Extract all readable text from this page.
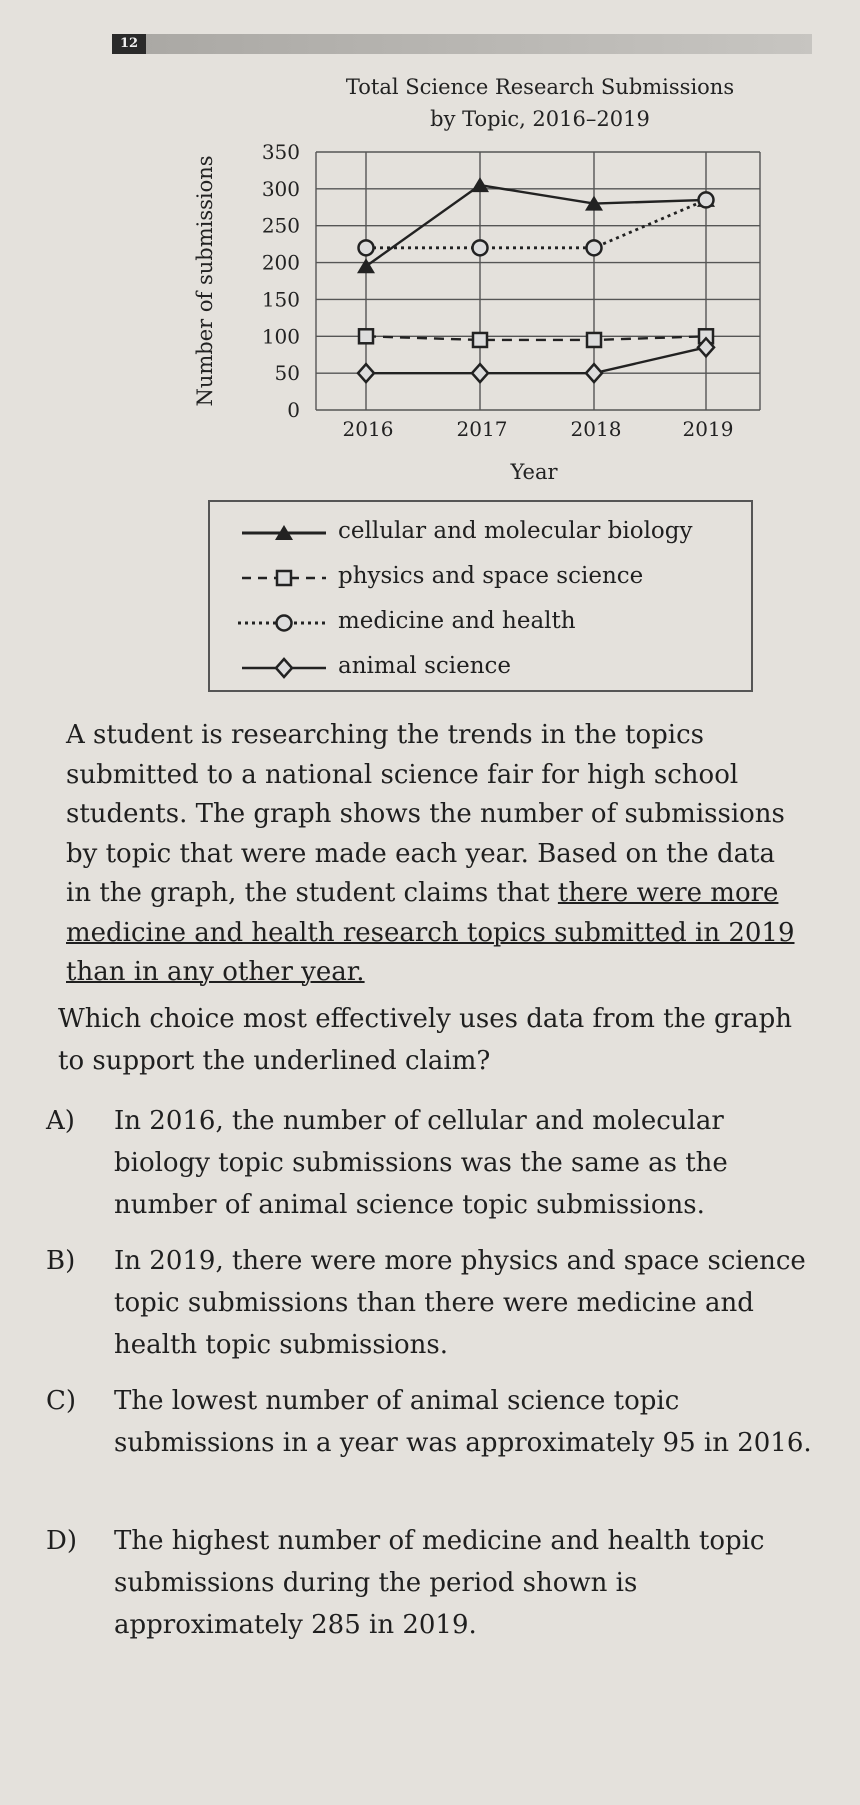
12
Total Science Research Submissions
by Topic, 2016–2019
0
50
100
150
200
250
300
350
2016	2017	2018	2019
Year
Number of submissions
cellular and molecular biology
physics and space science
medicine and health
animal science
A student is researching the trends in the topics submitted to a national science fair for high school students. The graph shows the number of submissions by topic that were made each year. Based on the data in the graph, the student claims that there were more medicine and health research topics submitted in 2019 than in any other year.
Which choice most effectively uses data from the graph to support the underlined claim?
A) In 2016, the number of cellular and molecular biology topic submissions was the same as the number of animal science topic submissions.
B) In 2019, there were more physics and space science topic submissions than there were medicine and health topic submissions.
C) The lowest number of animal science topic submissions in a year was approximately 95 in 2016.
D) The highest number of medicine and health topic submissions during the period shown is approximately 285 in 2019.
